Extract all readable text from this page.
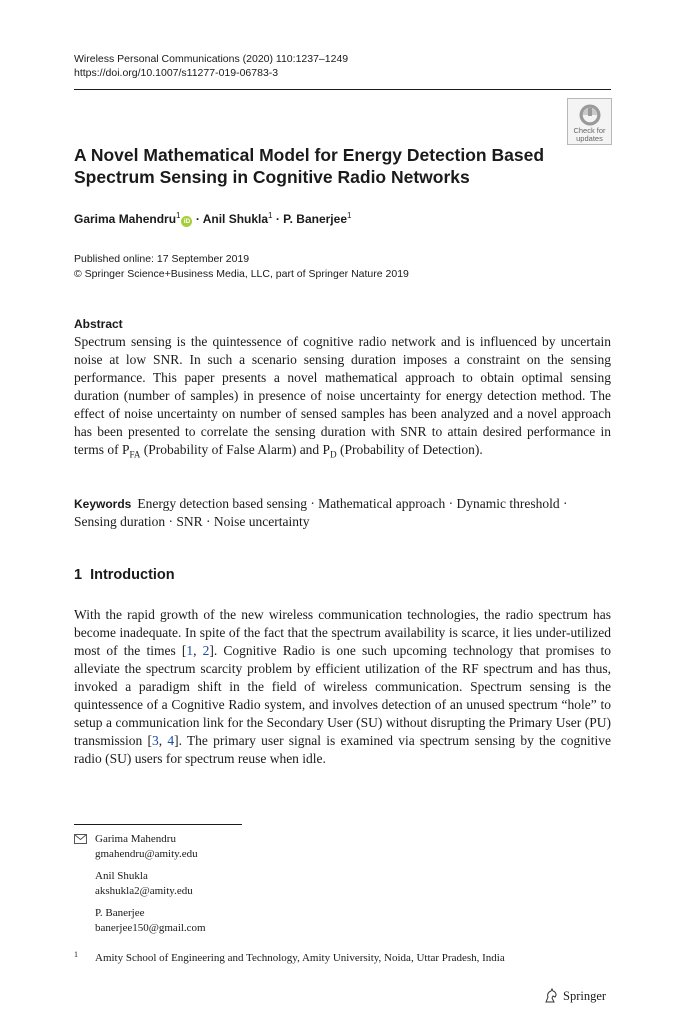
Wireless Personal Communications (2020) 110:1237–1249
https://doi.org/10.1007/s11277-019-06783-3
Check for
updates
A Novel Mathematical Model for Energy Detection Based
Spectrum Sensing in Cognitive Radio Networks
Garima Mahendru$^1$iD · Anil Shukla$^1$ · P. Banerjee$^1$
Published online: 17 September 2019
© Springer Science+Business Media, LLC, part of Springer Nature 2019
Abstract
Spectrum sensing is the quintessence of cognitive radio network and is influenced by uncertain noise at low SNR. In such a scenario sensing duration imposes a constraint on the sensing performance. This paper presents a novel mathematical approach to obtain optimal sensing duration (number of samples) in presence of noise uncertainty for energy detection method. The effect of noise uncertainty on number of sensed samples has been analyzed and a novel approach has been presented to correlate the sensing duration with SNR to attain desired performance in terms of $P_{FA}$ (Probability of False Alarm) and $P_D$ (Probability of Detection).
Keywords Energy detection based sensing · Mathematical approach · Dynamic threshold · Sensing duration · SNR · Noise uncertainty
1 Introduction
With the rapid growth of the new wireless communication technologies, the radio spectrum has become inadequate. In spite of the fact that the spectrum availability is scarce, it lies under-utilized most of the times [1, 2]. Cognitive Radio is one such upcoming technology that promises to alleviate the spectrum scarcity problem by efficient utilization of the RF spectrum and has thus, invoked a paradigm shift in the field of wireless communication. Spectrum sensing is the quintessence of a Cognitive Radio system, and involves detection of an unused spectrum “hole” to setup a communication link for the Secondary User (SU) without disrupting the Primary User (PU) transmission [3, 4]. The primary user signal is examined via spectrum sensing by the cognitive radio (SU) users for spectrum reuse when idle.
Garima Mahendru
gmahendru@amity.edu
Anil Shukla
akshukla2@amity.edu
P. Banerjee
banerjee150@gmail.com
1 Amity School of Engineering and Technology, Amity University, Noida, Uttar Pradesh, India
Springer
